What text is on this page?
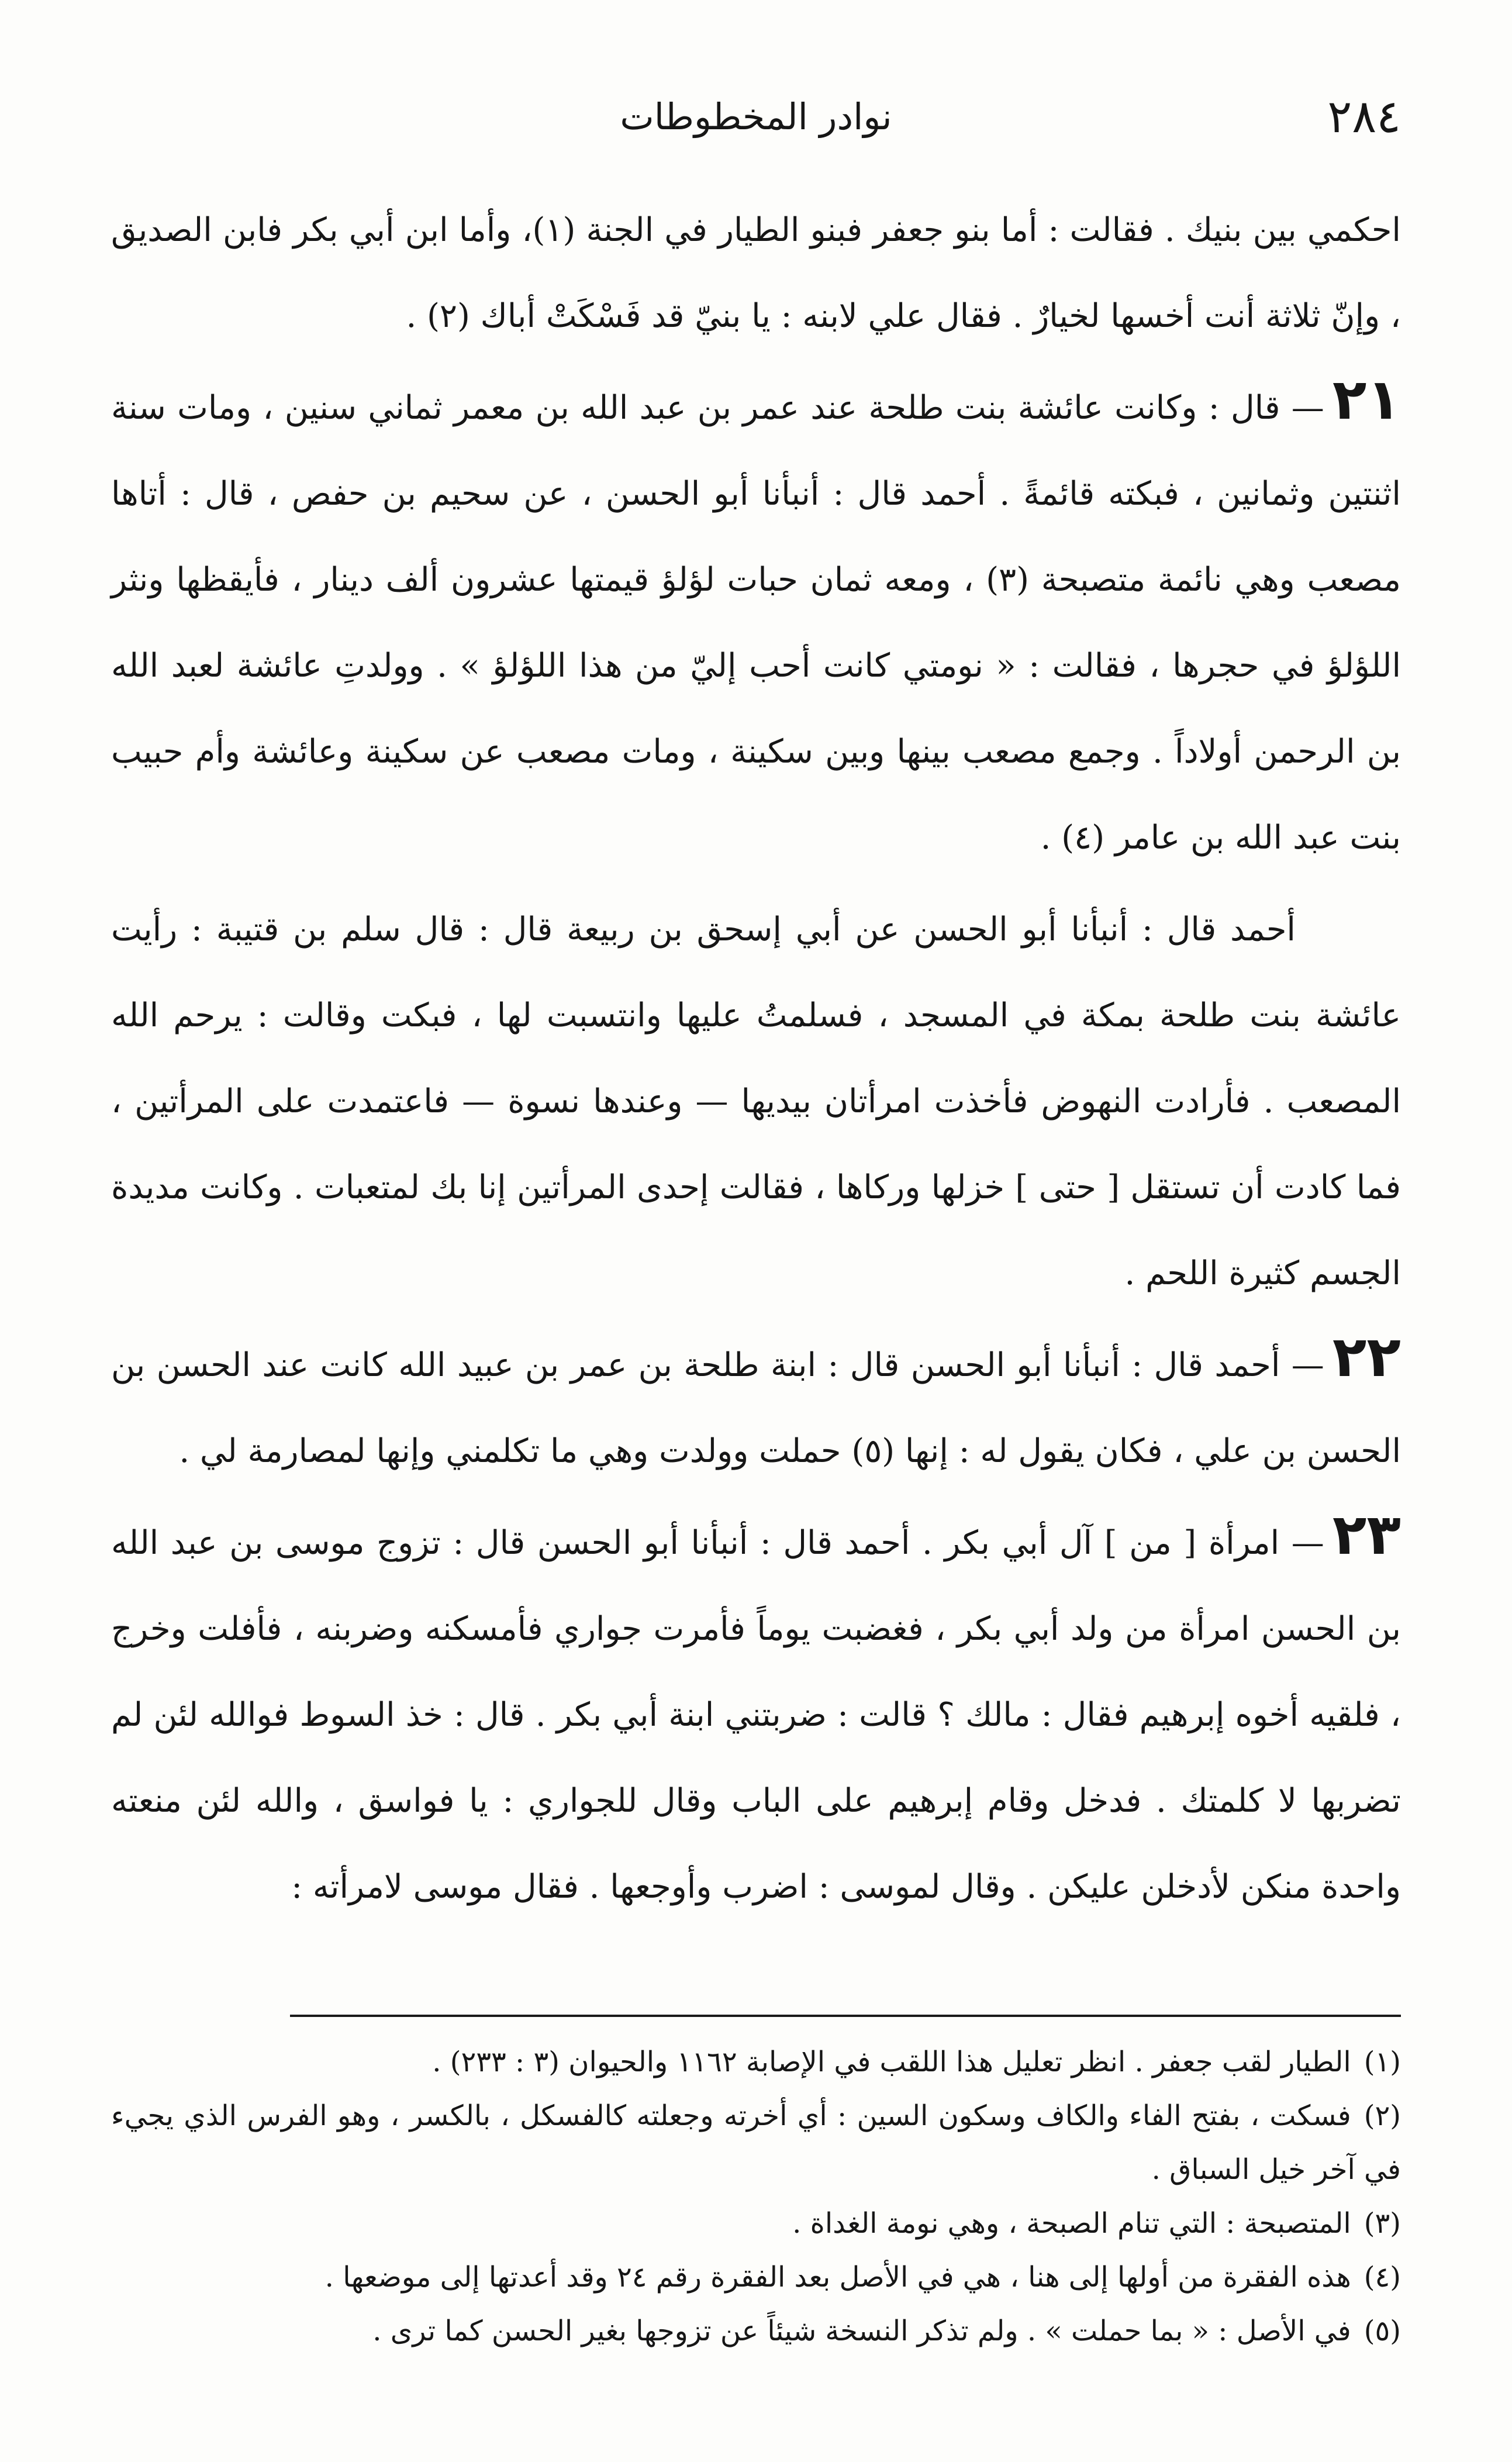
٢٨٤
نوادر المخطوطات

احكمي بين بنيك . فقالت : أما بنو جعفر فبنو الطيار في الجنة (١)، وأما ابن أبي بكر فابن الصديق ، وإنّ ثلاثة أنت أخسها لخيارٌ . فقال علي لابنه : يا بنيّ قد فَسْكَتْ أباك (٢) .

٢١— قال : وكانت عائشة بنت طلحة عند عمر بن عبد الله بن معمر ثماني سنين ، ومات سنة اثنتين وثمانين ، فبكته قائمةً . أحمد قال : أنبأنا أبو الحسن ، عن سحيم بن حفص ، قال : أتاها مصعب وهي نائمة متصبحة (٣) ، ومعه ثمان حبات لؤلؤ قيمتها عشرون ألف دينار ، فأيقظها ونثر اللؤلؤ في حجرها ، فقالت : « نومتي كانت أحب إليّ من هذا اللؤلؤ » . وولدتِ عائشة لعبد الله بن الرحمن أولاداً . وجمع مصعب بينها وبين سكينة ، ومات مصعب عن سكينة وعائشة وأم حبيب بنت عبد الله بن عامر (٤) .

أحمد قال : أنبأنا أبو الحسن عن أبي إسحق بن ربيعة قال : قال سلم بن قتيبة : رأيت عائشة بنت طلحة بمكة في المسجد ، فسلمتُ عليها وانتسبت لها ، فبكت وقالت : يرحم الله المصعب . فأرادت النهوض فأخذت امرأتان بيديها — وعندها نسوة — فاعتمدت على المرأتين ، فما كادت أن تستقل [ حتى ] خزلها وركاها ، فقالت إحدى المرأتين إنا بك لمتعبات . وكانت مديدة الجسم كثيرة اللحم .

٢٢— أحمد قال : أنبأنا أبو الحسن قال : ابنة طلحة بن عمر بن عبيد الله كانت عند الحسن بن الحسن بن علي ، فكان يقول له : إنها (٥) حملت وولدت وهي ما تكلمني وإنها لمصارمة لي .

٢٣— امرأة [ من ] آل أبي بكر . أحمد قال : أنبأنا أبو الحسن قال : تزوج موسى بن عبد الله بن الحسن امرأة من ولد أبي بكر ، فغضبت يوماً فأمرت جواري فأمسكنه وضربنه ، فأفلت وخرج ، فلقيه أخوه إبرهيم فقال : مالك ؟ قالت : ضربتني ابنة أبي بكر . قال : خذ السوط فوالله لئن لم تضربها لا كلمتك . فدخل وقام إبرهيم على الباب وقال للجواري : يا فواسق ، والله لئن منعته واحدة منكن لأدخلن عليكن . وقال لموسى : اضرب وأوجعها . فقال موسى لامرأته :

(١)الطيار لقب جعفر . انظر تعليل هذا اللقب في الإصابة ١١٦٢ والحيوان (٣ : ٢٣٣) .

(٢)فسكت ، بفتح الفاء والكاف وسكون السين : أي أخرته وجعلته كالفسكل ، بالكسر ، وهو الفرس الذي يجيء في آخر خيل السباق .

(٣)المتصبحة : التي تنام الصبحة ، وهي نومة الغداة .

(٤)هذه الفقرة من أولها إلى هنا ، هي في الأصل بعد الفقرة رقم ٢٤ وقد أعدتها إلى موضعها .

(٥)في الأصل : « بما حملت » . ولم تذكر النسخة شيئاً عن تزوجها بغير الحسن كما ترى .
